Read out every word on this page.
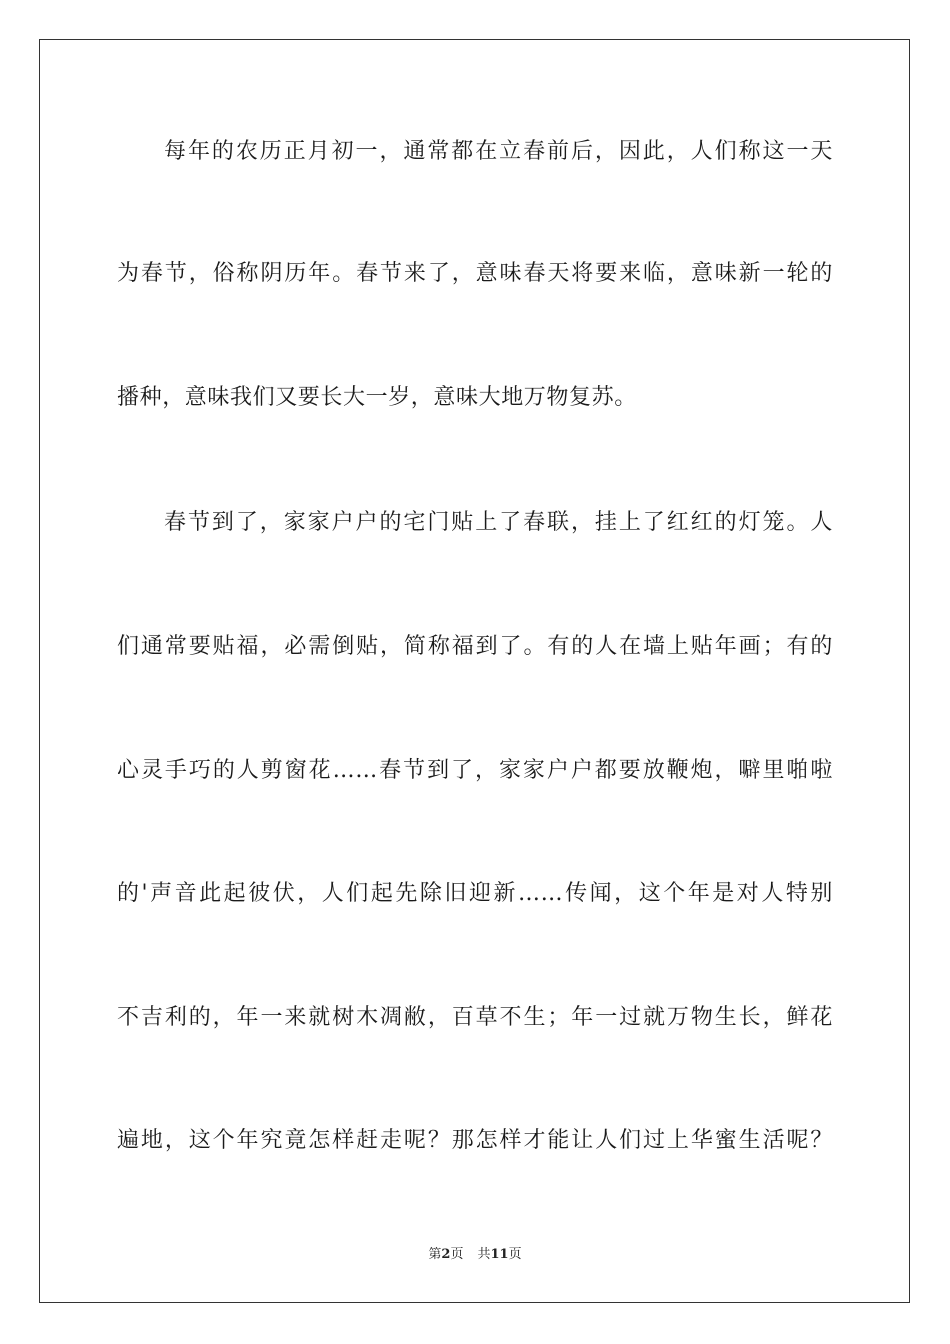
每年的农历正月初一，通常都在立春前后，因此，人们称这一天
为春节，俗称阴历年。春节来了，意味春天将要来临，意味新一轮的
播种，意味我们又要长大一岁，意味大地万物复苏。
春节到了，家家户户的宅门贴上了春联，挂上了红红的灯笼。人
们通常要贴福，必需倒贴，简称福到了。有的人在墙上贴年画；有的
心灵手巧的人剪窗花……春节到了，家家户户都要放鞭炮，噼里啪啦
的'声音此起彼伏，人们起先除旧迎新……传闻，这个年是对人特别
不吉利的，年一来就树木凋敝，百草不生；年一过就万物生长，鲜花
遍地，这个年究竟怎样赶走呢？那怎样才能让人们过上华蜜生活呢？
第2页 共11页
